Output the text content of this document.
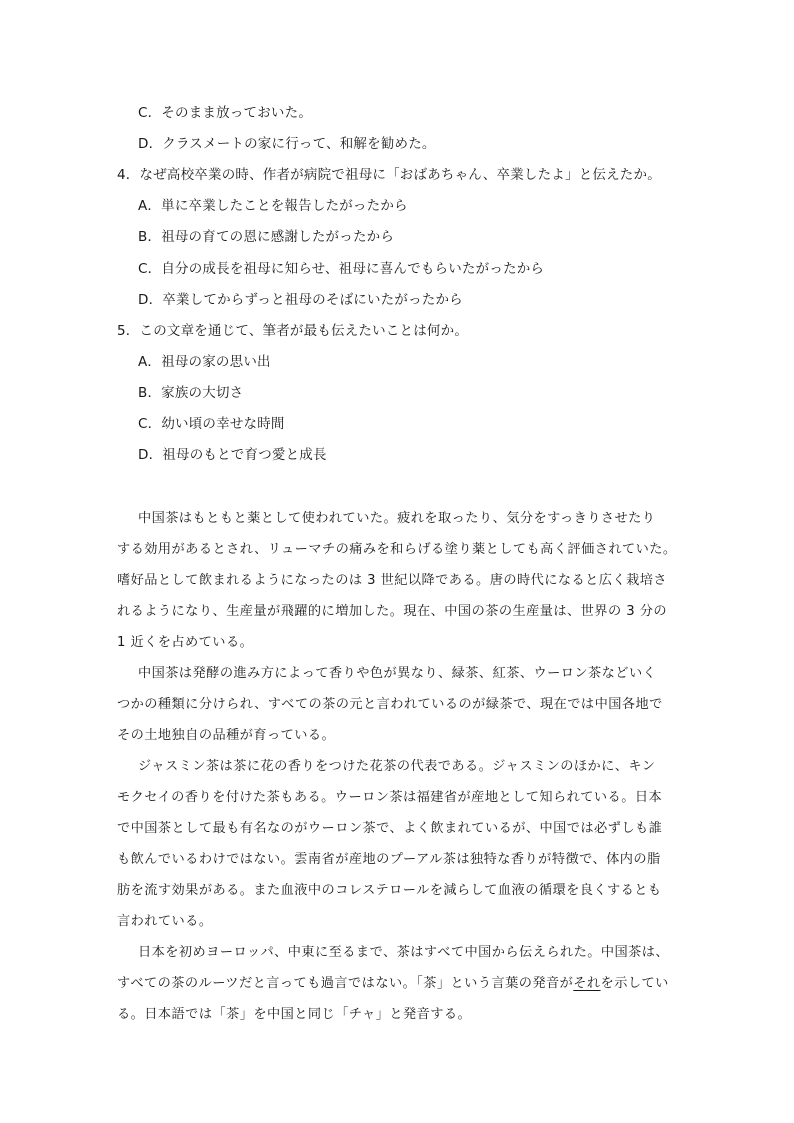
C．そのまま放っておいた。
D．クラスメートの家に行って、和解を勧めた。
4．なぜ高校卒業の時、作者が病院で祖母に「おばあちゃん、卒業したよ」と伝えたか。
A．単に卒業したことを報告したがったから
B．祖母の育ての恩に感謝したがったから
C．自分の成長を祖母に知らせ、祖母に喜んでもらいたがったから
D．卒業してからずっと祖母のそばにいたがったから
5．この文章を通じて、筆者が最も伝えたいことは何か。
A．祖母の家の思い出
B．家族の大切さ
C．幼い頃の幸せな時間
D．祖母のもとで育つ愛と成長
中国茶はもともと薬として使われていた。疲れを取ったり、気分をすっきりさせたり
する効用があるとされ、リューマチの痛みを和らげる塗り薬としても高く評価されていた。
嗜好品として飲まれるようになったのは 3 世紀以降である。唐の時代になると広く栽培さ
れるようになり、生産量が飛躍的に増加した。現在、中国の茶の生産量は、世界の 3 分の
1 近くを占めている。
中国茶は発酵の進み方によって香りや色が異なり、緑茶、紅茶、ウーロン茶などいく
つかの種類に分けられ、すべての茶の元と言われているのが緑茶で、現在では中国各地で
その土地独自の品種が育っている。
ジャスミン茶は茶に花の香りをつけた花茶の代表である。ジャスミンのほかに、キン
モクセイの香りを付けた茶もある。ウーロン茶は福建省が産地として知られている。日本
で中国茶として最も有名なのがウーロン茶で、よく飲まれているが、中国では必ずしも誰
も飲んでいるわけではない。雲南省が産地のプーアル茶は独特な香りが特徴で、体内の脂
肪を流す効果がある。また血液中のコレステロールを減らして血液の循環を良くするとも
言われている。
日本を初めヨーロッパ、中東に至るまで、茶はすべて中国から伝えられた。中国茶は、
すべての茶のルーツだと言っても過言ではない。「茶」という言葉の発音がそれを示してい
る。日本語では「茶」を中国と同じ「チャ」と発音する。
